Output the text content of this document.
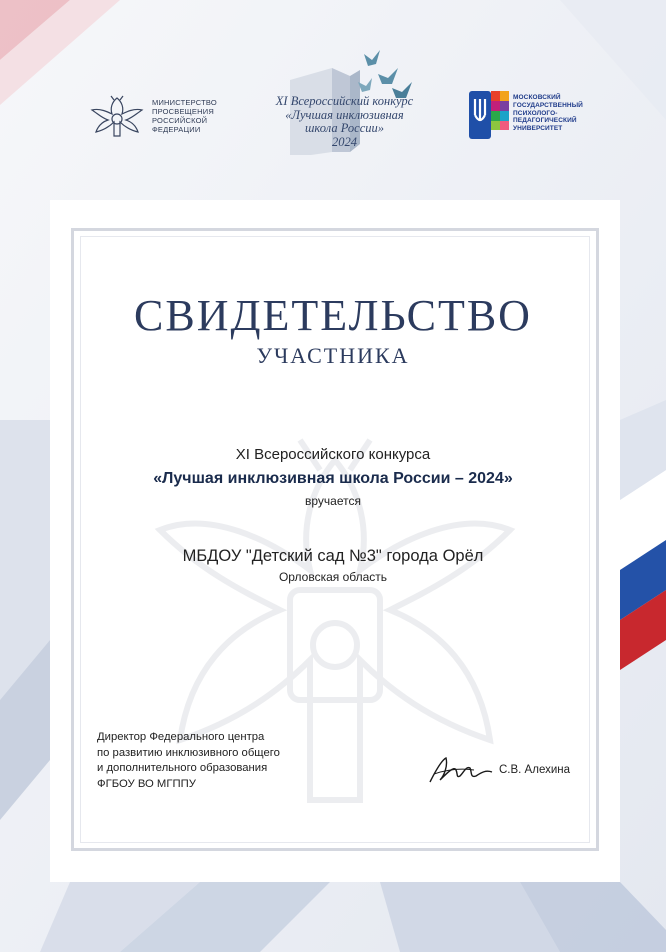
МИНИСТЕРСТВО
ПРОСВЕЩЕНИЯ
РОССИЙСКОЙ
ФЕДЕРАЦИИ
XI Всероссийский конкурс
«Лучшая инклюзивная
школа России»
2024
МОСКОВСКИЙ
ГОСУДАРСТВЕННЫЙ
ПСИХОЛОГО-
ПЕДАГОГИЧЕСКИЙ
УНИВЕРСИТЕТ
СВИДЕТЕЛЬСТВО
УЧАСТНИКА
XI Всероссийского конкурса
«Лучшая инклюзивная школа России – 2024»
вручается
МБДОУ "Детский сад №3" города Орёл
Орловская область
Директор Федерального центра
по развитию инклюзивного общего
и дополнительного образования
ФГБОУ ВО МГППУ
С.В. Алехина
